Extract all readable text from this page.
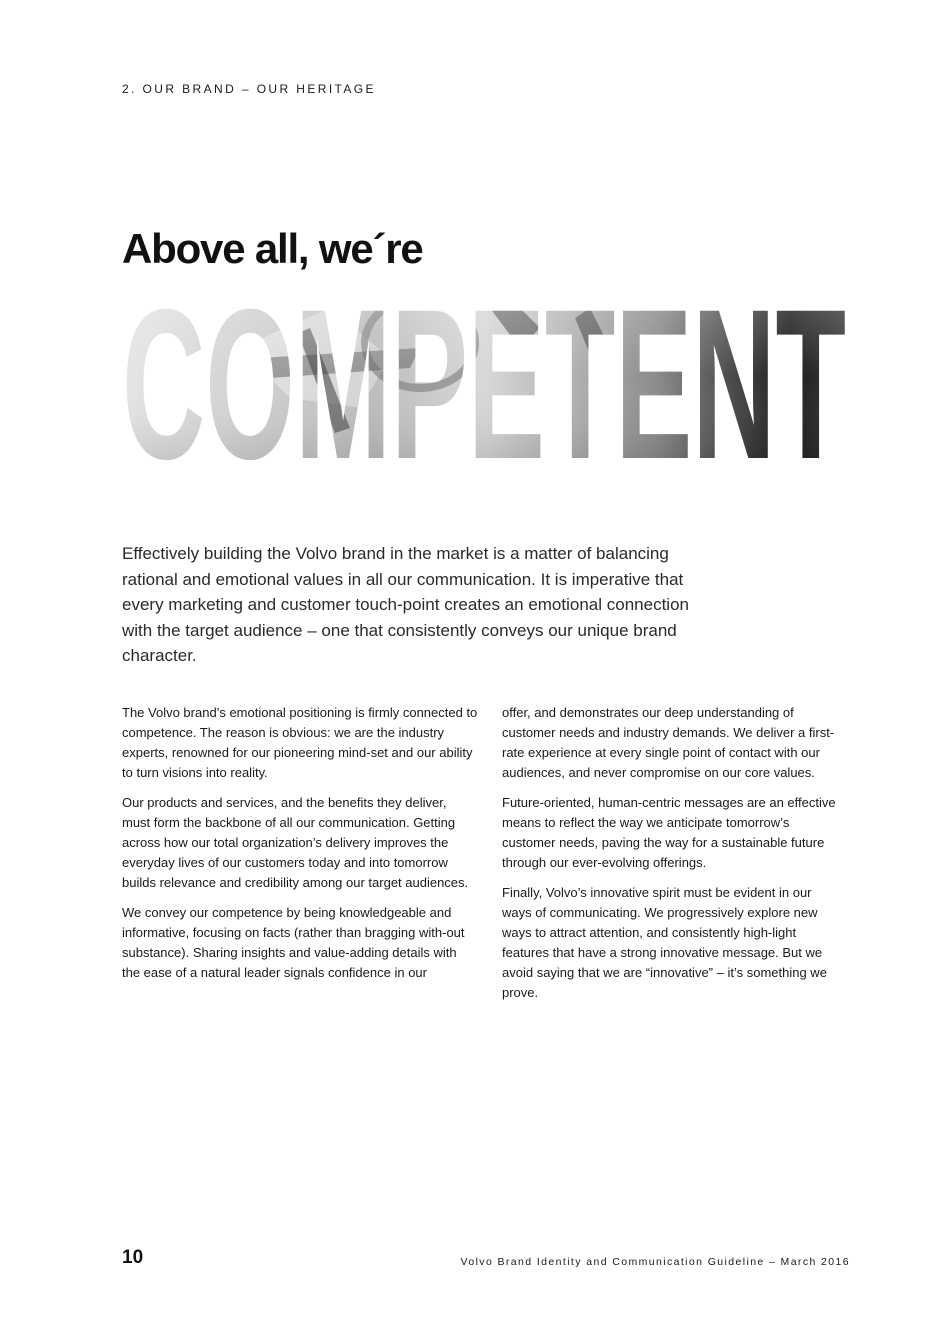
2. OUR BRAND – OUR HERITAGE
Above all, we´re

Effectively building the Volvo brand in the market is a matter of balancing rational and emotional values in all our communication. It is imperative that every marketing and customer touch-point creates an emotional connection with the target audience – one that consistently conveys our unique brand character.

The Volvo brand’s emotional positioning is firmly connected to competence. The reason is obvious: we are the industry experts, renowned for our pioneering mind-set and our ability to turn visions into reality.

Our products and services, and the benefits they deliver, must form the backbone of all our communication. Getting across how our total organization’s delivery improves the everyday lives of our customers today and into tomorrow builds relevance and credibility among our target audiences.

We convey our competence by being knowledgeable and informative, focusing on facts (rather than bragging with-out substance). Sharing insights and value-adding details with the ease of a natural leader signals confidence in our

offer, and demonstrates our deep understanding of customer needs and industry demands. We deliver a first-rate experience at every single point of contact with our audiences, and never compromise on our core values.

Future-oriented, human-centric messages are an effective means to reflect the way we anticipate tomorrow’s customer needs, paving the way for a sustainable future through our ever-evolving offerings.

Finally, Volvo’s innovative spirit must be evident in our ways of communicating. We progressively explore new ways to attract attention, and consistently high-light features that have a strong innovative message. But we avoid saying that we are “innovative” – it’s something we prove.

10	Volvo Brand Identity and Communication Guideline – March 2016
